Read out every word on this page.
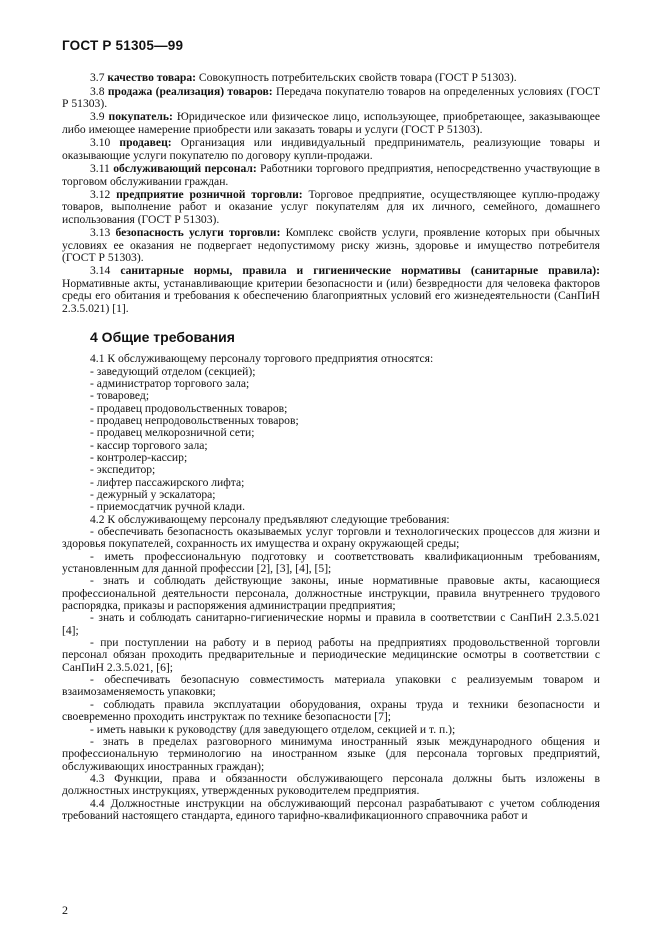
ГОСТ Р 51305—99

3.7 качество товара: Совокупность потребительских свойств товара (ГОСТ Р 51303).

3.8 продажа (реализация) товаров: Передача покупателю товаров на определенных условиях (ГОСТ Р 51303).

3.9 покупатель: Юридическое или физическое лицо, использующее, приобретающее, заказывающее либо имеющее намерение приобрести или заказать товары и услуги (ГОСТ Р 51303).

3.10 продавец: Организация или индивидуальный предприниматель, реализующие товары и оказывающие услуги покупателю по договору купли-продажи.

3.11 обслуживающий персонал: Работники торгового предприятия, непосредственно участвующие в торговом обслуживании граждан.

3.12 предприятие розничной торговли: Торговое предприятие, осуществляющее куплю-продажу товаров, выполнение работ и оказание услуг покупателям для их личного, семейного, домашнего использования (ГОСТ Р 51303).

3.13 безопасность услуги торговли: Комплекс свойств услуги, проявление которых при обычных условиях ее оказания не подвергает недопустимому риску жизнь, здоровье и имущество потребителя (ГОСТ Р 51303).

3.14 санитарные нормы, правила и гигиенические нормативы (санитарные правила): Нормативные акты, устанавливающие критерии безопасности и (или) безвредности для человека факторов среды его обитания и требования к обеспечению благоприятных условий его жизнедеятельности (СанПиН 2.3.5.021) [1].

4 Общие требования

4.1 К обслуживающему персоналу торгового предприятия относятся:

- заведующий отделом (секцией);

- администратор торгового зала;

- товаровед;

- продавец продовольственных товаров;

- продавец непродовольственных товаров;

- продавец мелкорозничной сети;

- кассир торгового зала;

- контролер-кассир;

- экспедитор;

- лифтер пассажирского лифта;

- дежурный у эскалатора;

- приемосдатчик ручной клади.

4.2 К обслуживающему персоналу предъявляют следующие требования:

- обеспечивать безопасность оказываемых услуг торговли и технологических процессов для жизни и здоровья покупателей, сохранность их имущества и охрану окружающей среды;

- иметь профессиональную подготовку и соответствовать квалификационным требованиям, установленным для данной профессии [2], [3], [4], [5];

- знать и соблюдать действующие законы, иные нормативные правовые акты, касающиеся профессиональной деятельности персонала, должностные инструкции, правила внутреннего трудового распорядка, приказы и распоряжения администрации предприятия;

- знать и соблюдать санитарно-гигиенические нормы и правила в соответствии с СанПиН 2.3.5.021 [4];

- при поступлении на работу и в период работы на предприятиях продовольственной торговли персонал обязан проходить предварительные и периодические медицинские осмотры в соответствии с СанПиН 2.3.5.021, [6];

- обеспечивать безопасную совместимость материала упаковки с реализуемым товаром и взаимозаменяемость упаковки;

- соблюдать правила эксплуатации оборудования, охраны труда и техники безопасности и своевременно проходить инструктаж по технике безопасности [7];

- иметь навыки к руководству (для заведующего отделом, секцией и т. п.);

- знать в пределах разговорного минимума иностранный язык международного общения и профессиональную терминологию на иностранном языке (для персонала торговых предприятий, обслуживающих иностранных граждан);

4.3 Функции, права и обязанности обслуживающего персонала должны быть изложены в должностных инструкциях, утвержденных руководителем предприятия.

4.4 Должностные инструкции на обслуживающий персонал разрабатывают с учетом соблюдения требований настоящего стандарта, единого тарифно-квалификационного справочника работ и

2
